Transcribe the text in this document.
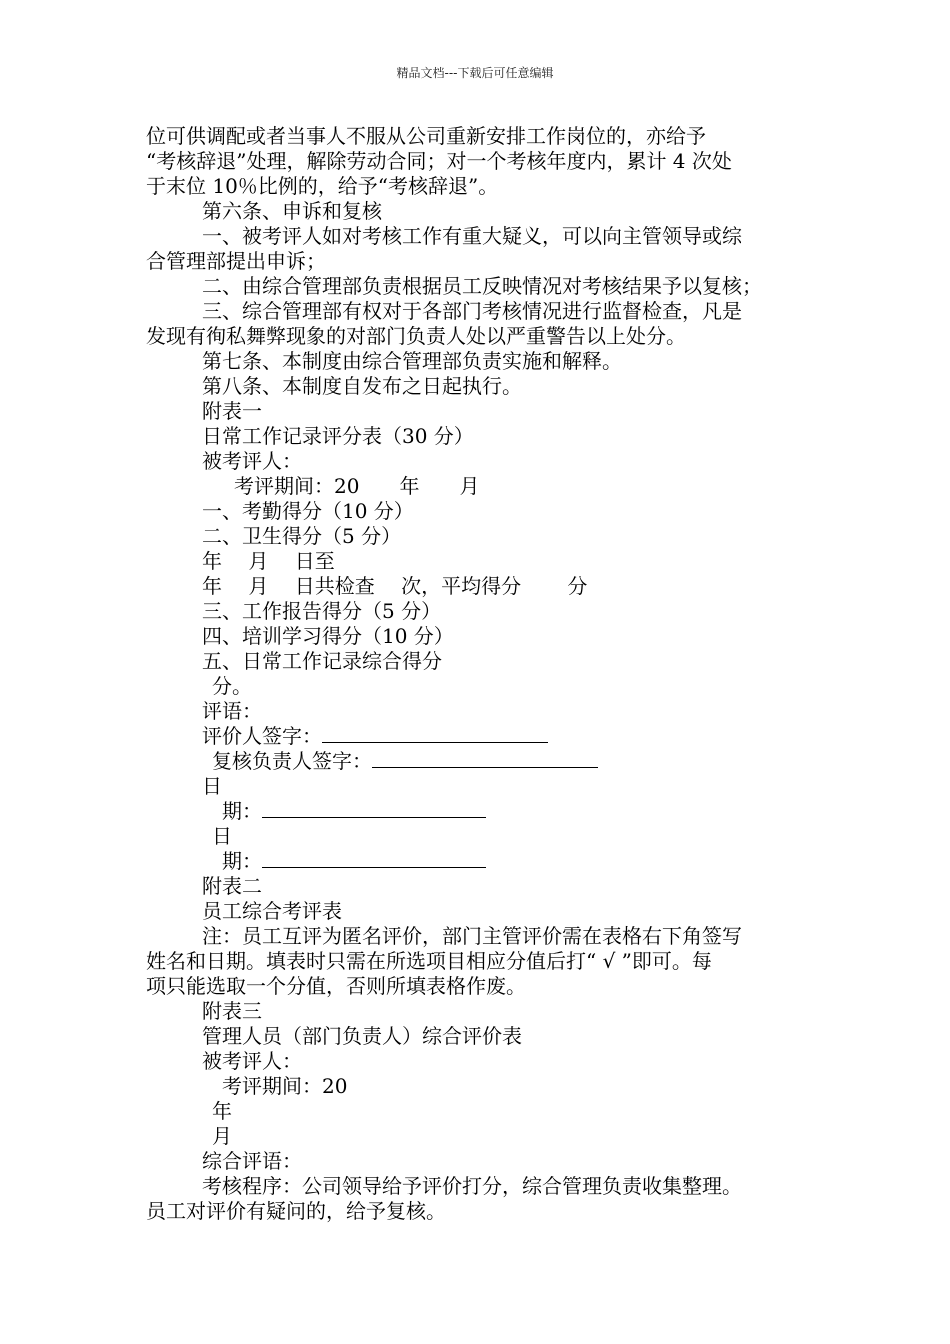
精品文档---下载后可任意编辑

位可供调配或者当事人不服从公司重新安排工作岗位的，亦给予

“考核辞退”处理，解除劳动合同；对一个考核年度内，累计 4 次处

于末位 10％比例的，给予“考核辞退”。

第六条、申诉和复核

一、被考评人如对考核工作有重大疑义，可以向主管领导或综

合管理部提出申诉；

二、由综合管理部负责根据员工反映情况对考核结果予以复核；

三、综合管理部有权对于各部门考核情况进行监督检查，凡是

发现有徇私舞弊现象的对部门负责人处以严重警告以上处分。

第七条、本制度由综合管理部负责实施和解释。

第八条、本制度自发布之日起执行。

附表一

日常工作记录评分表（30 分）

被考评人：

考评期间：20　　年　　月

一、考勤得分（10 分）

二、卫生得分（5 分）

年　 月　 日至

年　 月　 日共检查　 次，平均得分　　 分

三、工作报告得分（5 分）

四、培训学习得分（10 分）

五、日常工作记录综合得分

分。

评语：

评价人签字：

复核负责人签字：

日

期：

日

期：

附表二

员工综合考评表

注：员工互评为匿名评价，部门主管评价需在表格右下角签写

姓名和日期。填表时只需在所选项目相应分值后打“ √ ”即可。每

项只能选取一个分值，否则所填表格作废。

附表三

管理人员（部门负责人）综合评价表

被考评人：

考评期间：20

年

月

综合评语：

考核程序：公司领导给予评价打分，综合管理负责收集整理。

员工对评价有疑问的，给予复核。
